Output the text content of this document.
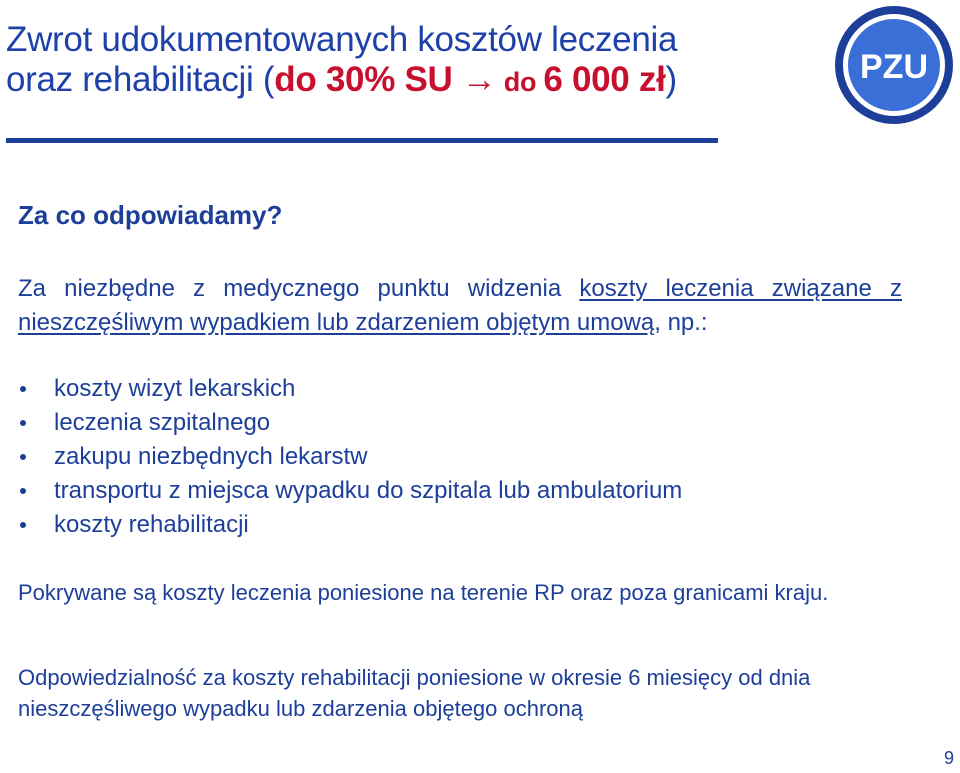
Zwrot udokumentowanych kosztów leczenia
oraz rehabilitacji (do 30% SU → do 6 000 zł)	PZU
Za co odpowiadamy?
Za niezbędne z medycznego punktu widzenia koszty leczenia związane z nieszczęśliwym wypadkiem lub zdarzeniem objętym umową, np.:
koszty wizyt lekarskich
leczenia szpitalnego
zakupu niezbędnych lekarstw
transportu z miejsca wypadku do szpitala lub ambulatorium
koszty rehabilitacji
Pokrywane są koszty leczenia poniesione na terenie RP oraz poza granicami kraju.
Odpowiedzialność za koszty rehabilitacji poniesione w okresie 6 miesięcy od dnia nieszczęśliwego wypadku lub zdarzenia objętego ochroną
9
